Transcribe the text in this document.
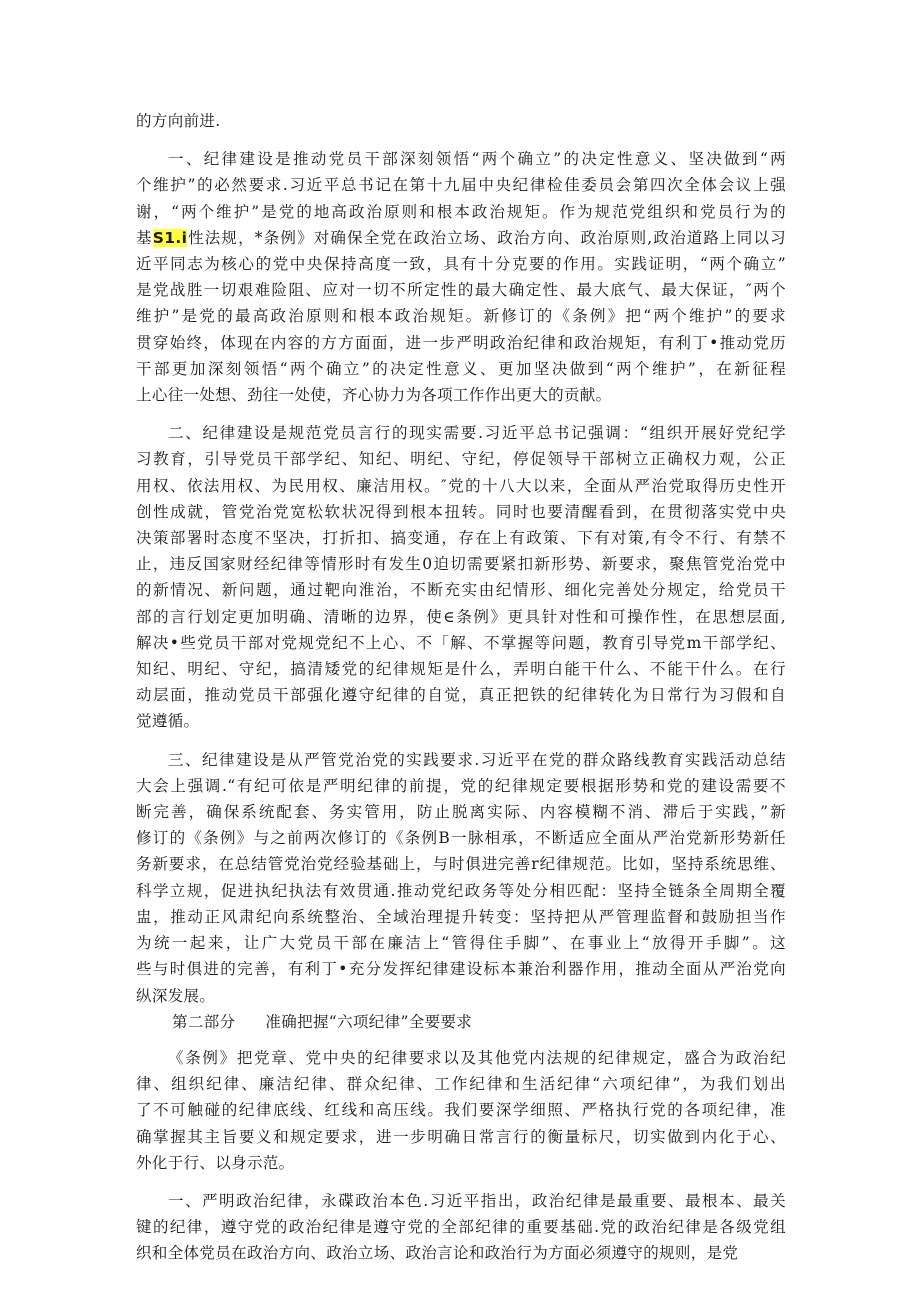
的方向前进.
一、纪律建设是推动党员干部深刻领悟“两个确立”的决定性意义、坚决做到“两
个维护”的必然要求.习近平总书记在第十九届中央纪律检佳委员会第四次全体会议上强
谢，“两个维护”是党的地高政治原则和根本政治规矩。作为规范党组织和党员行为的
基S1.i性法规，*条例》对确保全党在政治立场、政治方向、政治原则,政治道路上同以习
近平同志为核心的党中央保持高度一致，具有十分克要的作用。实践证明，“两个确立”
是党战胜一切艰难险阻、应对一切不所定性的最大确定性、最大底气、最大保证，″两个
维护”是党的最高政治原则和根本政治规矩。新修订的《条例》把“两个维护”的要求
贯穿始终，体现在内容的方方面面，进一步严明政治纪律和政治规矩，有利丁•推动党历
干部更加深刻领悟“两个确立”的决定性意义、更加坚决做到“两个维护”，在新征程
上心往一处想、劲往一处使，齐心协力为各项工作作出更大的贡献。
二、纪律建设是规范党员言行的现实需要.习近平总书记强调：“组织开展好党纪学
习教育，引导党员干部学纪、知纪、明纪、守纪，停促领导干部树立正确权力观，公正
用权、依法用权、为民用权、廉洁用权。″党的十八大以来，全面从严治党取得历史性开
创性成就，管党治党宽松软状况得到根本扭转。同时也要清醒看到，在贯彻落实党中央
决策部署时态度不坚决，打折扣、搞变通，存在上有政策、下有对策,有令不行、有禁不
止，违反国家财经纪律等情形时有发生0迫切需要紧扣新形势、新要求，聚焦管党治党中
的新情况、新问题，通过靶向淮治，不断充实由纪情形、细化完善处分规定，给党员干
部的言行划定更加明确、清晰的边界，使∈条例》更具针对性和可操作性，在思想层面,
解决•些党员干部对党规党纪不上心、不「解、不掌握等问题，教育引导党m干部学纪、
知纪、明纪、守纪，搞清矮党的纪律规矩是什么，弄明白能干什么、不能干什么。在行
动层面，推动党员干部强化遵守纪律的自觉，真正把铁的纪律转化为日常行为习假和自
觉遵循。
三、纪律建设是从严管党治党的实践要求.习近平在党的群众路线教育实践活动总结
大会上强调.“有纪可依是严明纪律的前提，党的纪律规定要根据形势和党的建设需要不
断完善，确保系统配套、务实管用，防止脱离实际、内容模糊不消、滞后于实践，”新
修订的《条例》与之前两次修订的《条例B一脉相承，不断适应全面从严治党新形势新任
务新要求，在总结管党治党经验基础上，与时俱进完善r纪律规范。比如，坚持系统思维、
科学立规，促进执纪执法有效贯通.推动党纪政务等处分相匹配：坚持全链条全周期全覆
盅，推动正风肃纪向系统整治、全域治理提升转变：坚持把从严管理监督和鼓励担当作
为统一起来，让广大党员干部在廉洁上“管得住手脚”、在事业上“放得开手脚”。这
些与时俱进的完善，有利丁•充分发挥纪律建设标本兼治利器作用，推动全面从严治党向
纵深发展。
第二部分 准确把握“六项纪律”全要要求
《条例》把党章、党中央的纪律要求以及其他党内法规的纪律规定，盛合为政治纪
律、组织纪律、廉洁纪律、群众纪律、工作纪律和生活纪律“六项纪律”，为我们划出
了不可触碰的纪律底线、红线和高压线。我们要深学细照、严格执行党的各项纪律，准
确掌握其主旨要义和规定要求，进一步明确日常言行的衡量标尺，切实做到内化于心、
外化于行、以身示范。
一、严明政治纪律，永碟政治本色.习近平指出，政治纪律是最重要、最根本、最关
键的纪律，遵守党的政治纪律是遵守党的全部纪律的重要基础.党的政治纪律是各级党组
织和全体党员在政治方向、政治立场、政治言论和政治行为方面必须遵守的规则，是党
